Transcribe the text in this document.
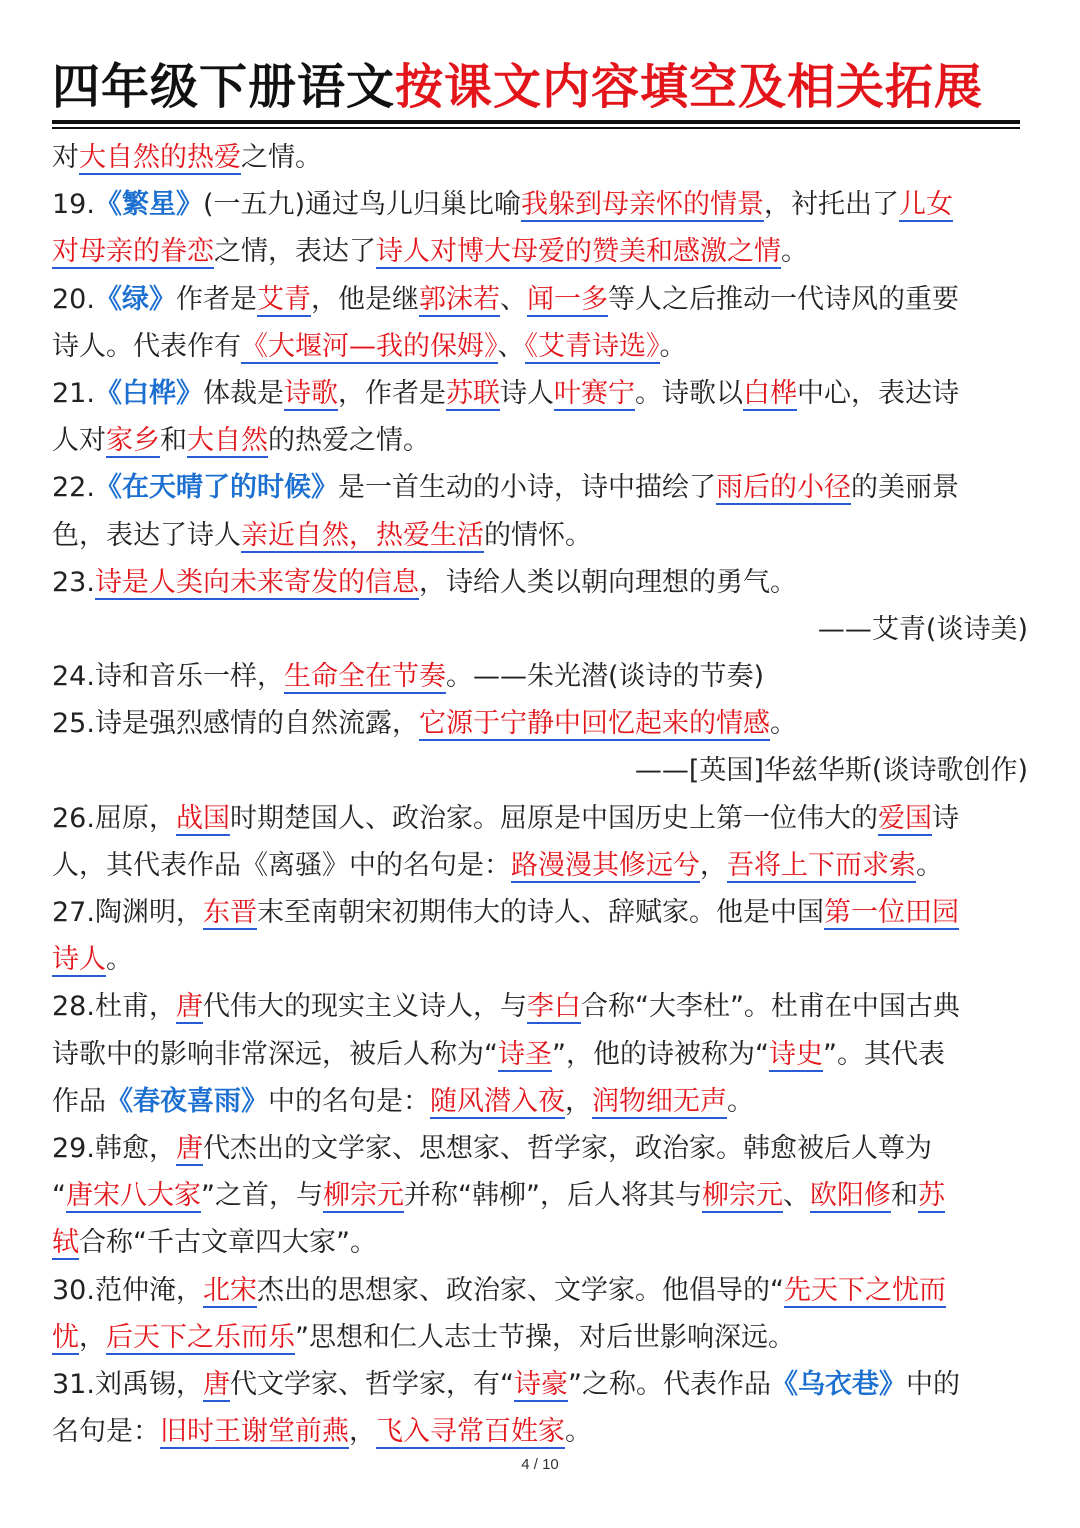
四年级下册语文 按课文内容填空及相关拓展
对大自然的热爱之情。
19.《繁星》(一五九)通过鸟儿归巢比喻我躲到母亲怀的情景，衬托出了儿女
对母亲的眷恋之情，表达了诗人对博大母爱的赞美和感激之情。
20.《绿》作者是艾青，他是继郭沫若、闻一多等人之后推动一代诗风的重要
诗人。代表作有《大堰河—我的保姆》、《艾青诗选》。
21.《白桦》体裁是诗歌，作者是苏联诗人叶赛宁。诗歌以白桦中心，表达诗
人对家乡和大自然的热爱之情。
22.《在天晴了的时候》是一首生动的小诗，诗中描绘了雨后的小径的美丽景
色，表达了诗人亲近自然，热爱生活的情怀。
23.诗是人类向未来寄发的信息，诗给人类以朝向理想的勇气。
——艾青(谈诗美)
24.诗和音乐一样，生命全在节奏。——朱光潜(谈诗的节奏)
25.诗是强烈感情的自然流露，它源于宁静中回忆起来的情感。
——[英国]华兹华斯(谈诗歌创作)
26.屈原，战国时期楚国人、政治家。屈原是中国历史上第一位伟大的爱国诗
人，其代表作品《离骚》中的名句是：路漫漫其修远兮，吾将上下而求索。
27.陶渊明，东晋末至南朝宋初期伟大的诗人、辞赋家。他是中国第一位田园
诗人。
28.杜甫，唐代伟大的现实主义诗人，与李白合称“大李杜”。杜甫在中国古典
诗歌中的影响非常深远，被后人称为“诗圣”，他的诗被称为“诗史”。其代表
作品《春夜喜雨》中的名句是：随风潜入夜，润物细无声。
29.韩愈，唐代杰出的文学家、思想家、哲学家，政治家。韩愈被后人尊为
“唐宋八大家”之首，与柳宗元并称“韩柳”，后人将其与柳宗元、欧阳修和苏
轼合称“千古文章四大家”。
30.范仲淹，北宋杰出的思想家、政治家、文学家。他倡导的“先天下之忧而
忧，后天下之乐而乐”思想和仁人志士节操，对后世影响深远。
31.刘禹锡，唐代文学家、哲学家，有“诗豪”之称。代表作品《乌衣巷》中的
名句是：旧时王谢堂前燕，飞入寻常百姓家。
4 / 10
